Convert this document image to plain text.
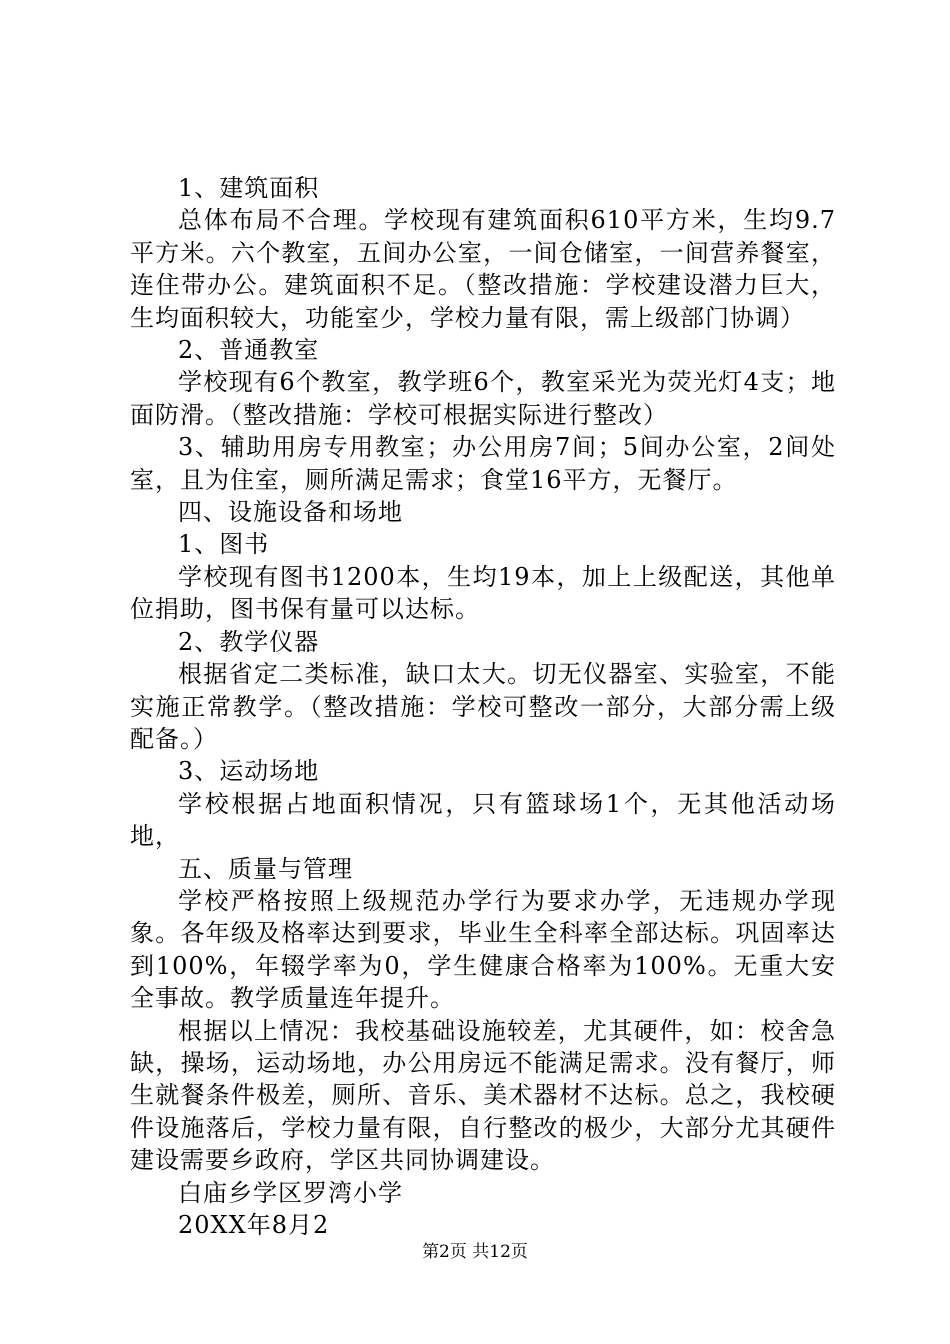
1、建筑面积

总体布局不合理。学校现有建筑面积610平方米，生均9.7平方米。六个教室，五间办公室，一间仓储室，一间营养餐室，连住带办公。建筑面积不足。（整改措施：学校建设潜力巨大，生均面积较大，功能室少，学校力量有限，需上级部门协调）

2、普通教室

学校现有6个教室，教学班6个，教室采光为荧光灯4支；地面防滑。（整改措施：学校可根据实际进行整改）

3、辅助用房专用教室；办公用房7间；5间办公室，2间处室，且为住室，厕所满足需求；食堂16平方，无餐厅。

四、设施设备和场地

1、图书

学校现有图书1200本，生均19本，加上上级配送，其他单位捐助，图书保有量可以达标。

2、教学仪器

根据省定二类标准，缺口太大。切无仪器室、实验室，不能实施正常教学。（整改措施：学校可整改一部分，大部分需上级配备。）

3、运动场地

学校根据占地面积情况，只有篮球场1个，无其他活动场地，

五、质量与管理

学校严格按照上级规范办学行为要求办学，无违规办学现象。各年级及格率达到要求，毕业生全科率全部达标。巩固率达到100%，年辍学率为0，学生健康合格率为100%。无重大安全事故。教学质量连年提升。

根据以上情况：我校基础设施较差，尤其硬件，如：校舍急缺，操场，运动场地，办公用房远不能满足需求。没有餐厅，师生就餐条件极差，厕所、音乐、美术器材不达标。总之，我校硬件设施落后，学校力量有限，自行整改的极少，大部分尤其硬件建设需要乡政府，学区共同协调建设。

白庙乡学区罗湾小学

20XX年8月2

第2页 共12页
